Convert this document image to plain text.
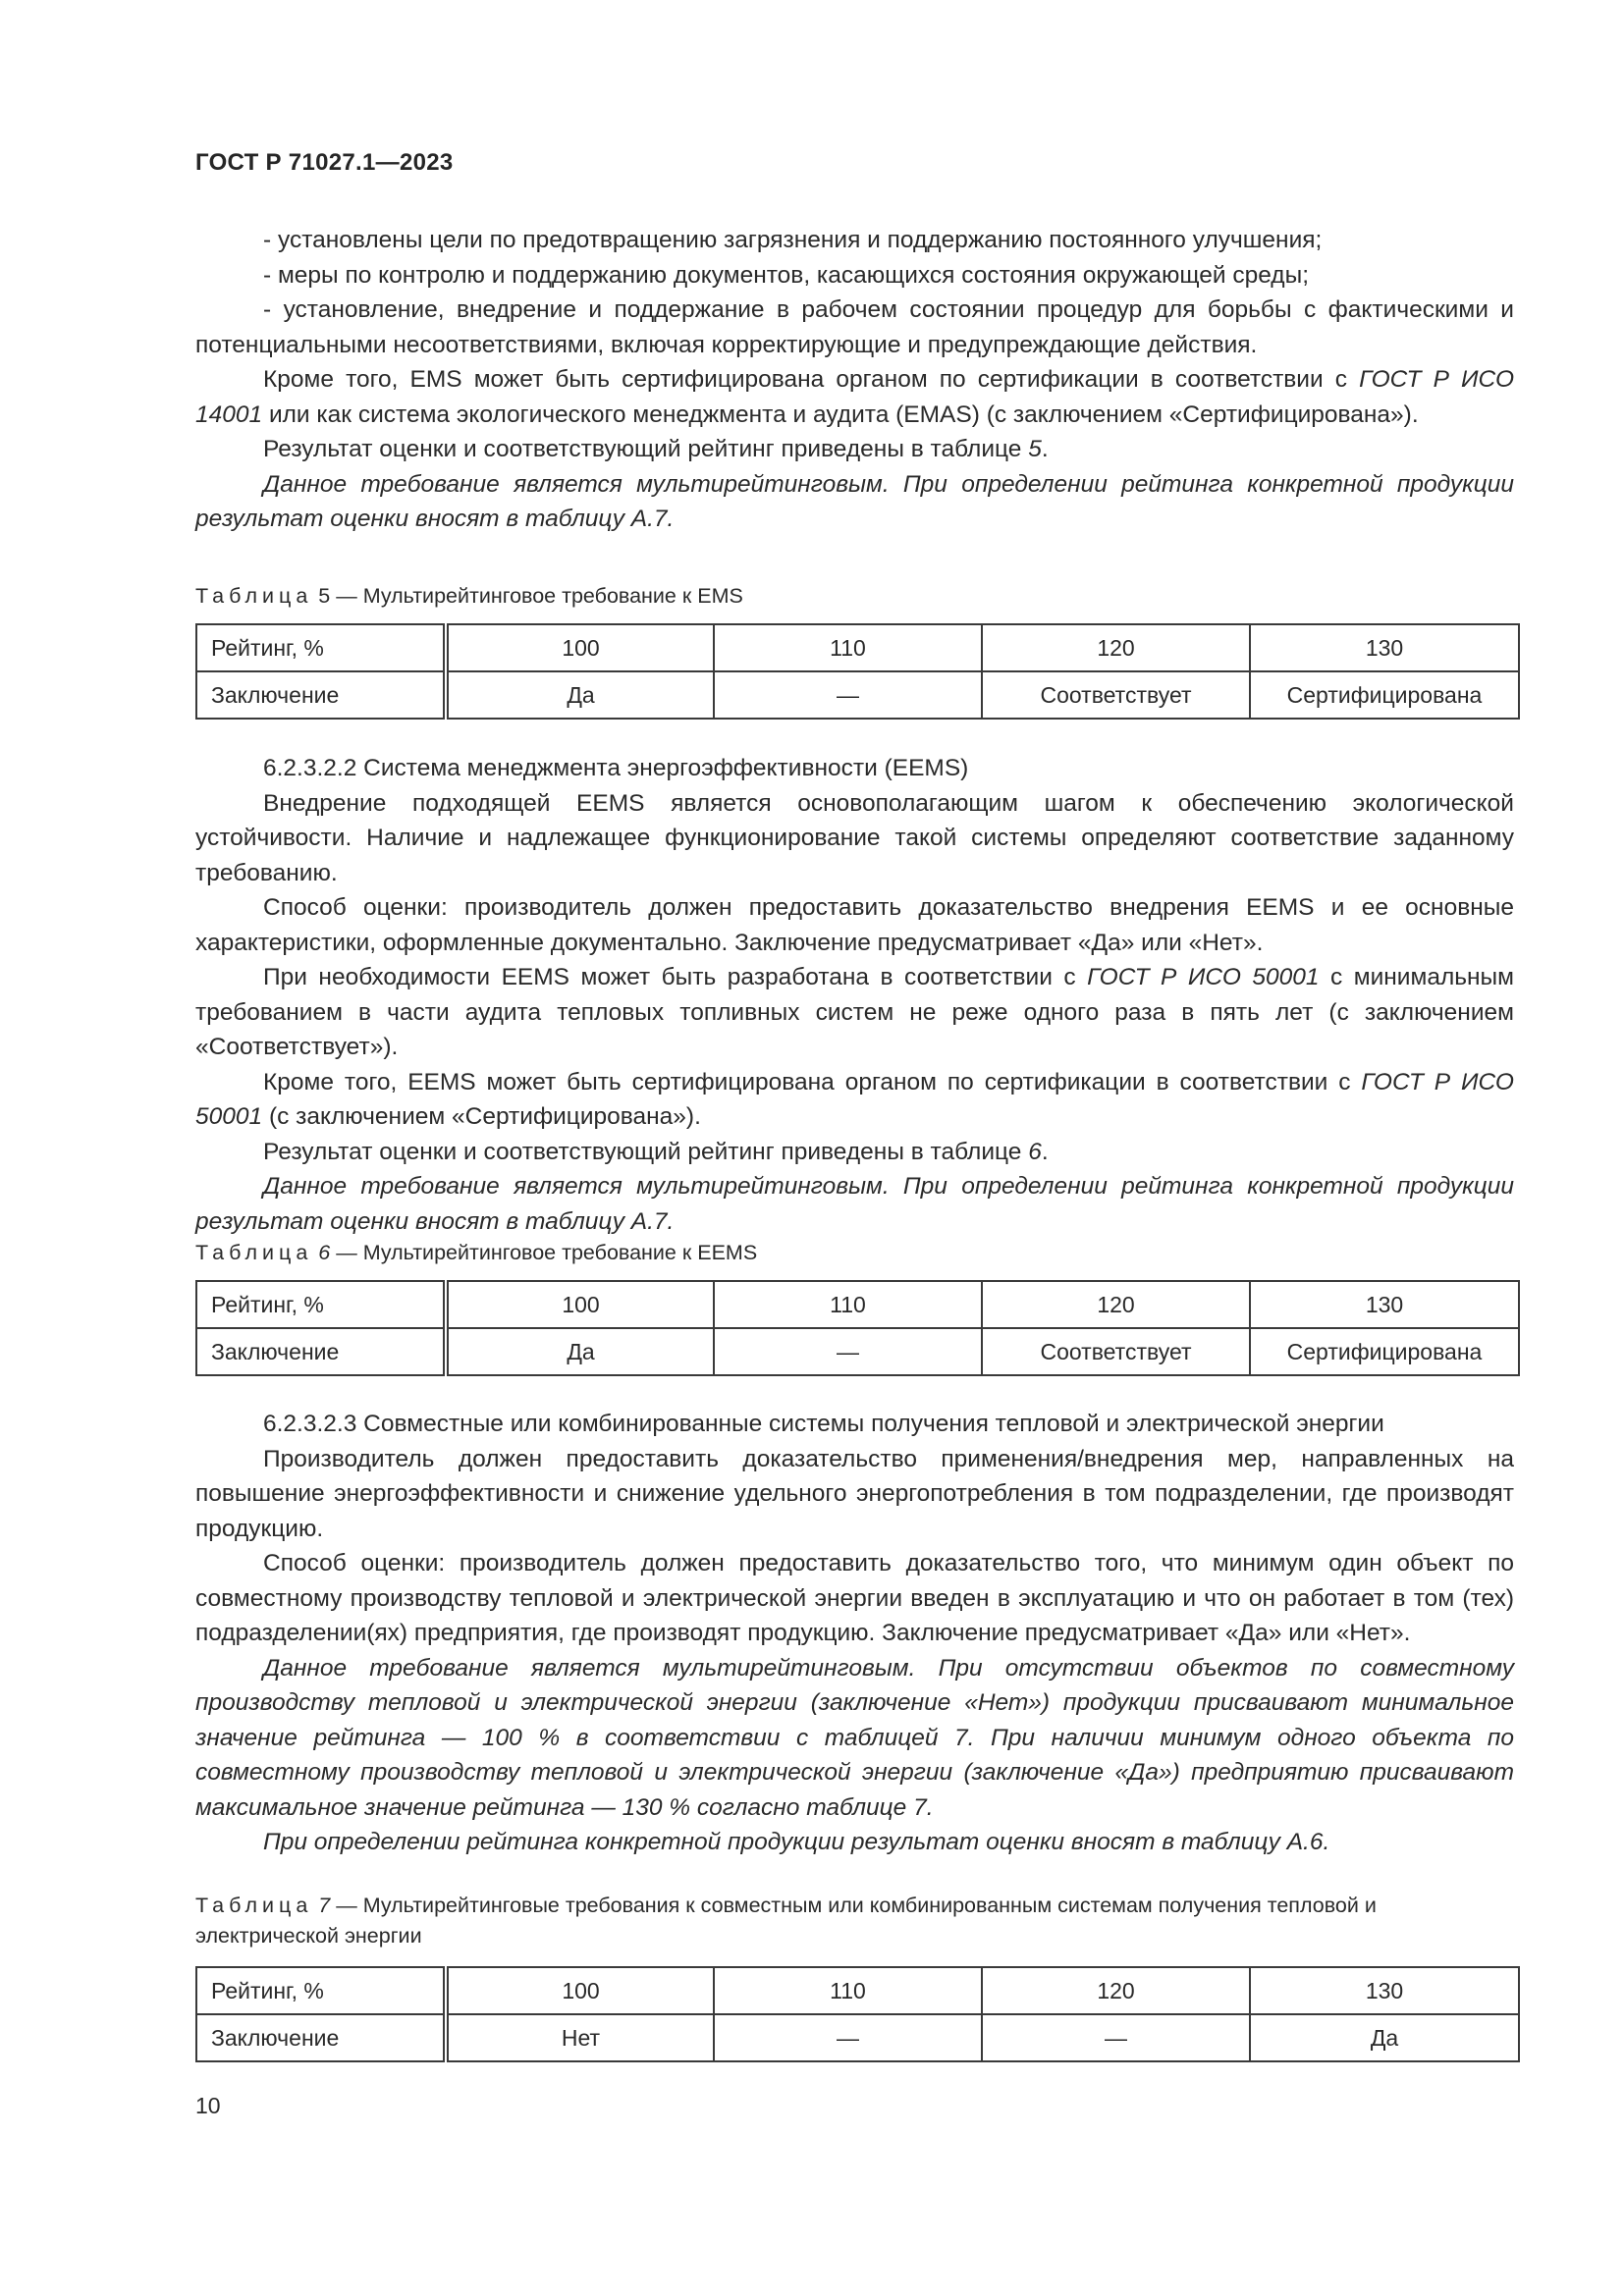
ГОСТ Р 71027.1—2023

- установлены цели по предотвращению загрязнения и поддержанию постоянного улучшения;

- меры по контролю и поддержанию документов, касающихся состояния окружающей среды;

- установление, внедрение и поддержание в рабочем состоянии процедур для борьбы с фактическими и потенциальными несоответствиями, включая корректирующие и предупреждающие действия.

Кроме того, EMS может быть сертифицирована органом по сертификации в соответствии с ГОСТ Р ИСО 14001 или как система экологического менеджмента и аудита (EMAS) (с заключением «Сертифицирована»).

Результат оценки и соответствующий рейтинг приведены в таблице 5.

Данное требование является мультирейтинговым. При определении рейтинга конкретной продукции результат оценки вносят в таблицу А.7.

Таблица 5 — Мультирейтинговое требование к EMS
Рейтинг, %	100	110	120	130
Заключение	Да	—	Соответствует	Сертифицирована

6.2.3.2.2 Система менеджмента энергоэффективности (EEMS)

Внедрение подходящей EEMS является основополагающим шагом к обеспечению экологической устойчивости. Наличие и надлежащее функционирование такой системы определяют соответствие заданному требованию.

Способ оценки: производитель должен предоставить доказательство внедрения EEMS и ее основные характеристики, оформленные документально. Заключение предусматривает «Да» или «Нет».

При необходимости EEMS может быть разработана в соответствии с ГОСТ Р ИСО 50001 с минимальным требованием в части аудита тепловых топливных систем не реже одного раза в пять лет (с заключением «Соответствует»).

Кроме того, EEMS может быть сертифицирована органом по сертификации в соответствии с ГОСТ Р ИСО 50001 (с заключением «Сертифицирована»).

Результат оценки и соответствующий рейтинг приведены в таблице 6.

Данное требование является мультирейтинговым. При определении рейтинга конкретной продукции результат оценки вносят в таблицу А.7.

Таблица 6 — Мультирейтинговое требование к EEMS
Рейтинг, %	100	110	120	130
Заключение	Да	—	Соответствует	Сертифицирована

6.2.3.2.3 Совместные или комбинированные системы получения тепловой и электрической энергии

Производитель должен предоставить доказательство применения/внедрения мер, направленных на повышение энергоэффективности и снижение удельного энергопотребления в том подразделении, где производят продукцию.

Способ оценки: производитель должен предоставить доказательство того, что минимум один объект по совместному производству тепловой и электрической энергии введен в эксплуатацию и что он работает в том (тех) подразделении(ях) предприятия, где производят продукцию. Заключение предусматривает «Да» или «Нет».

Данное требование является мультирейтинговым. При отсутствии объектов по совместному производству тепловой и электрической энергии (заключение «Нет») продукции присваивают минимальное значение рейтинга — 100 % в соответствии с таблицей 7. При наличии минимум одного объекта по совместному производству тепловой и электрической энергии (заключение «Да») предприятию присваивают максимальное значение рейтинга — 130 % согласно таблице 7.

При определении рейтинга конкретной продукции результат оценки вносят в таблицу А.6.

Таблица 7 — Мультирейтинговые требования к совместным или комбинированным системам получения тепловой и электрической энергии
Рейтинг, %	100	110	120	130
Заключение	Нет	—	—	Да
10
